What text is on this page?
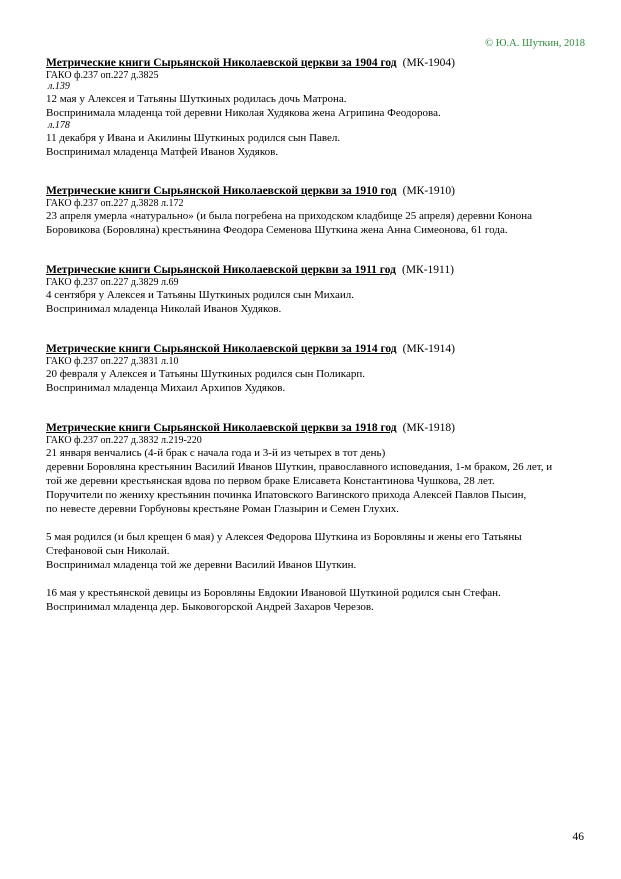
© Ю.А. Шуткин, 2018
Метрические книги Сырьянской Николаевской церкви за 1904 год (МК-1904)
ГАКО ф.237 оп.227 д.3825
л.139
12 мая у Алексея и Татьяны Шуткиных родилась дочь Матрона.
Воспринимала младенца той деревни Николая Худякова жена Агрипина Феодорова.
л.178
11 декабря у Ивана и Акилины Шуткиных родился сын Павел.
Воспринимал младенца Матфей Иванов Худяков.
Метрические книги Сырьянской Николаевской церкви за 1910 год (МК-1910)
ГАКО ф.237 оп.227 д.3828 л.172
23 апреля умерла «натурально» (и была погребена на приходском кладбище 25 апреля) деревни Конона
Боровикова (Боровляна) крестьянина Феодора Семенова Шуткина жена Анна Симеонова, 61 года.
Метрические книги Сырьянской Николаевской церкви за 1911 год (МК-1911)
ГАКО ф.237 оп.227 д.3829 л.69
4 сентября у Алексея и Татьяны Шуткиных родился сын Михаил.
Воспринимал младенца Николай Иванов Худяков.
Метрические книги Сырьянской Николаевской церкви за 1914 год (МК-1914)
ГАКО ф.237 оп.227 д.3831 л.10
20 февраля у Алексея и Татьяны Шуткиных родился сын Поликарп.
Воспринимал младенца Михаил Архипов Худяков.
Метрические книги Сырьянской Николаевской церкви за 1918 год (МК-1918)
ГАКО ф.237 оп.227 д.3832 л.219-220
21 января венчались (4-й брак с начала года и 3-й из четырех в тот день)
деревни Боровляна крестьянин Василий Иванов Шуткин, православного исповедания, 1-м браком, 26 лет, и
той же деревни крестьянская вдова по первом браке Елисавета Константинова Чушкова, 28 лет.
Поручители по жениху крестьянин починка Ипатовского Вагинского прихода Алексей Павлов Пысин,
по невесте деревни Горбуновы крестьяне Роман Глазырин и Семен Глухих.
5 мая родился (и был крещен 6 мая) у Алексея Федорова Шуткина из Боровляны и жены его Татьяны
Стефановой сын Николай.
Воспринимал младенца той же деревни Василий Иванов Шуткин.
16 мая у крестьянской девицы из Боровляны Евдокии Ивановой Шуткиной родился сын Стефан.
Воспринимал младенца дер. Быковогорской Андрей Захаров Черезов.
46
